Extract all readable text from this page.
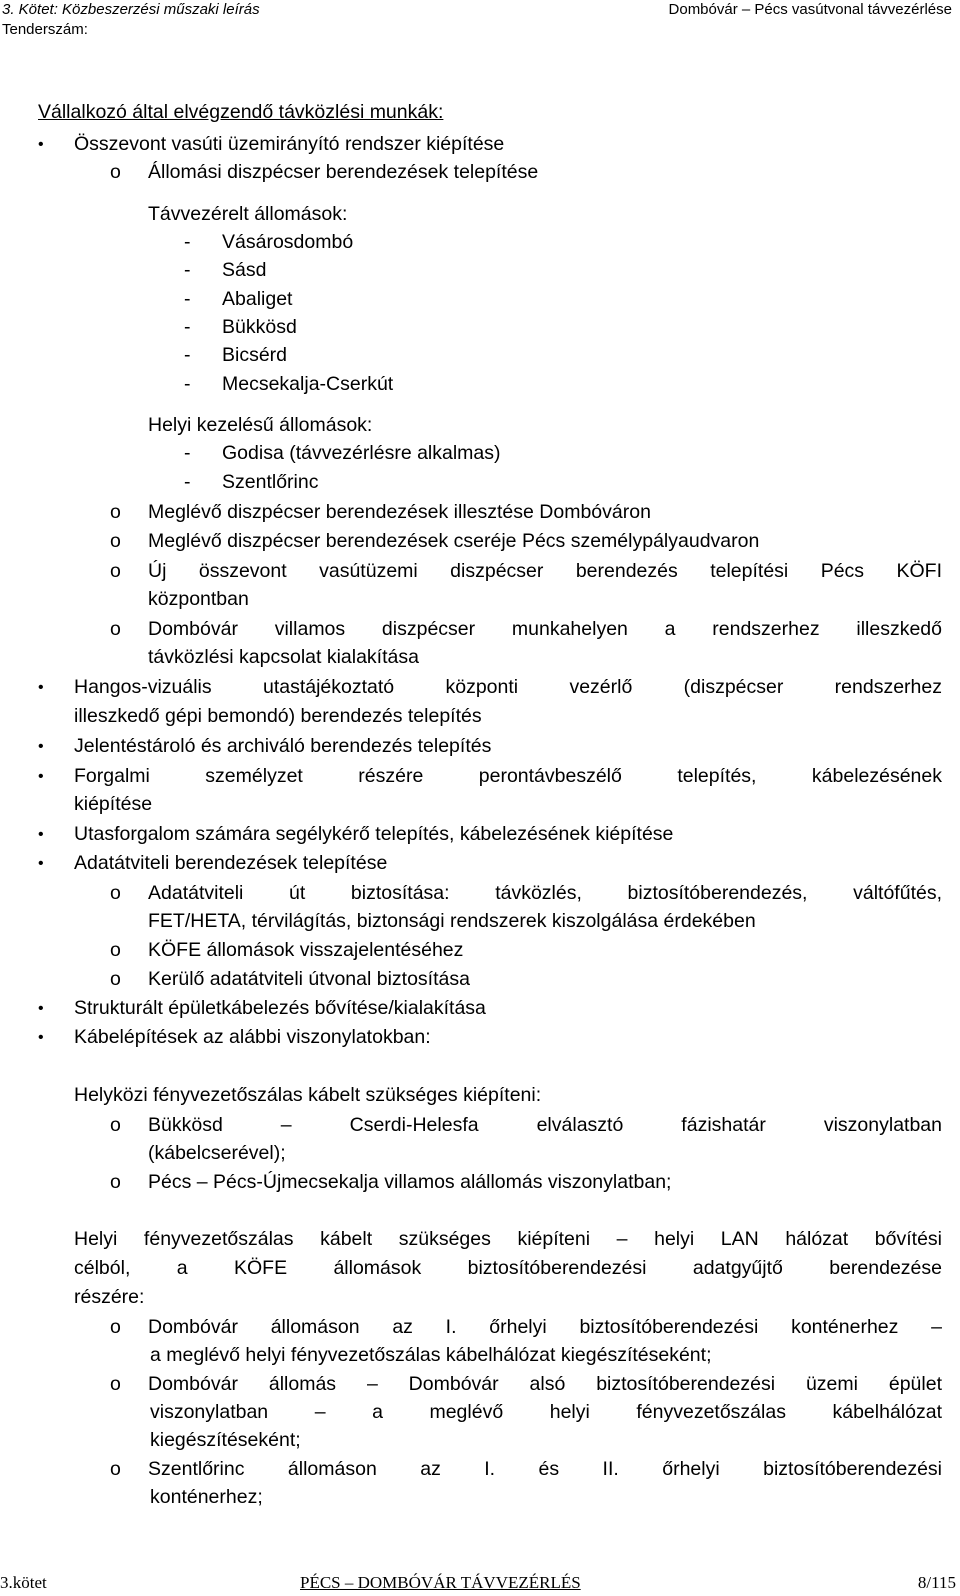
3. Kötet: Közbeszerzési műszaki leírás	Dombóvár – Pécs vasútvonal távvezérlése
Tenderszám:
Vállalkozó által elvégzendő távközlési munkák:
• Összevont vasúti üzemirányító rendszer kiépítése
o Állomási diszpécser berendezések telepítése
Távvezérelt állomások:
- Vásárosdombó
- Sásd
- Abaliget
- Bükkösd
- Bicsérd
- Mecsekalja-Cserkút
Helyi kezelésű állomások:
- Godisa (távvezérlésre alkalmas)
- Szentlőrinc
o Meglévő diszpécser berendezések illesztése Dombóváron
o Meglévő diszpécser berendezések cseréje Pécs személypályaudvaron
o Új összevont vasútüzemi diszpécser berendezés telepítési Pécs KÖFI
központban
o Dombóvár villamos diszpécser munkahelyen a rendszerhez illeszkedő
távközlési kapcsolat kialakítása
• Hangos-vizuális utastájékoztató központi vezérlő (diszpécser rendszerhez
illeszkedő gépi bemondó) berendezés telepítés
• Jelentéstároló és archiváló berendezés telepítés
• Forgalmi személyzet részére perontávbeszélő telepítés, kábelezésének
kiépítése
• Utasforgalom számára segélykérő telepítés, kábelezésének kiépítése
• Adatátviteli berendezések telepítése
o Adatátviteli út biztosítása: távközlés, biztosítóberendezés, váltófűtés,
FET/HETA, térvilágítás, biztonsági rendszerek kiszolgálása érdekében
o KÖFE állomások visszajelentéséhez
o Kerülő adatátviteli útvonal biztosítása
• Strukturált épületkábelezés bővítése/kialakítása
• Kábelépítések az alábbi viszonylatokban:
Helyközi fényvezetőszálas kábelt szükséges kiépíteni:
o Bükkösd – Cserdi-Helesfa elválasztó fázishatár viszonylatban
(kábelcserével);
o Pécs – Pécs-Újmecsekalja villamos alállomás viszonylatban;
Helyi fényvezetőszálas kábelt szükséges kiépíteni – helyi LAN hálózat bővítési
célból, a KÖFE állomások biztosítóberendezési adatgyűjtő berendezése
részére:
o Dombóvár állomáson az I. őrhelyi biztosítóberendezési konténerhez –
a meglévő helyi fényvezetőszálas kábelhálózat kiegészítéseként;
o Dombóvár állomás – Dombóvár alsó biztosítóberendezési üzemi épület
viszonylatban – a meglévő helyi fényvezetőszálas kábelhálózat
kiegészítéseként;
o Szentlőrinc állomáson az I. és II. őrhelyi biztosítóberendezési
konténerhez;
3.kötet	PÉCS – DOMBÓVÁR TÁVVEZÉRLÉS	8/115
